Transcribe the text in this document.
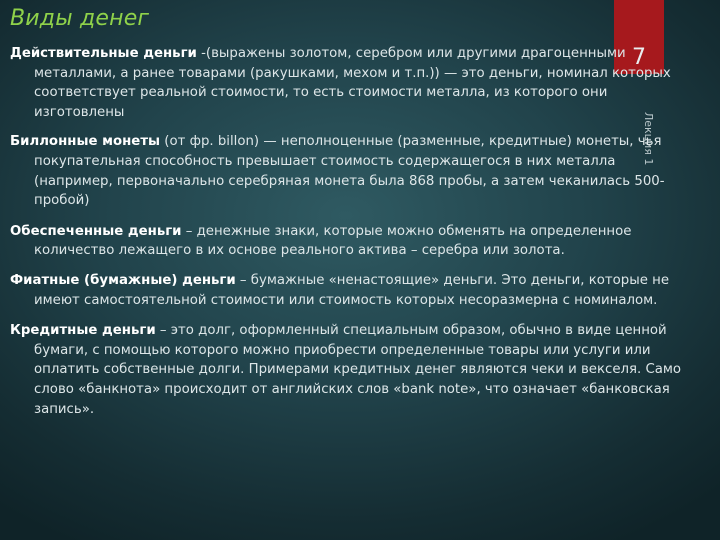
Виды денег
7
Лекция 1

Действительные деньги -(выражены золотом, серебром или другими драгоценными металлами, а ранее товарами (ракушками, мехом и т.п.)) — это деньги, номинал которых соответствует реальной стоимости, то есть стоимости металла, из которого они изготовлены

Биллонные монеты (от фр. billon) — неполноценные (разменные, кредитные) монеты, чья покупательная способность превышает стоимость содержащегося в них металла (например, первоначально серебряная монета была 868 пробы, а затем чеканилась 500-пробой)

Обеспеченные деньги – денежные знаки, которые можно обменять на определенное количество лежащего в их основе реального актива – серебра или золота.

Фиатные (бумажные) деньги – бумажные «ненастоящие» деньги. Это деньги, которые не имеют самостоятельной стоимости или стоимость которых несоразмерна с номиналом.

Кредитные деньги – это долг, оформленный специальным образом, обычно в виде ценной бумаги, с помощью которого можно приобрести определенные товары или услуги или оплатить собственные долги. Примерами кредитных денег являются чеки и векселя. Само слово «банкнота» происходит от английских слов «bank note», что означает «банковская запись».
